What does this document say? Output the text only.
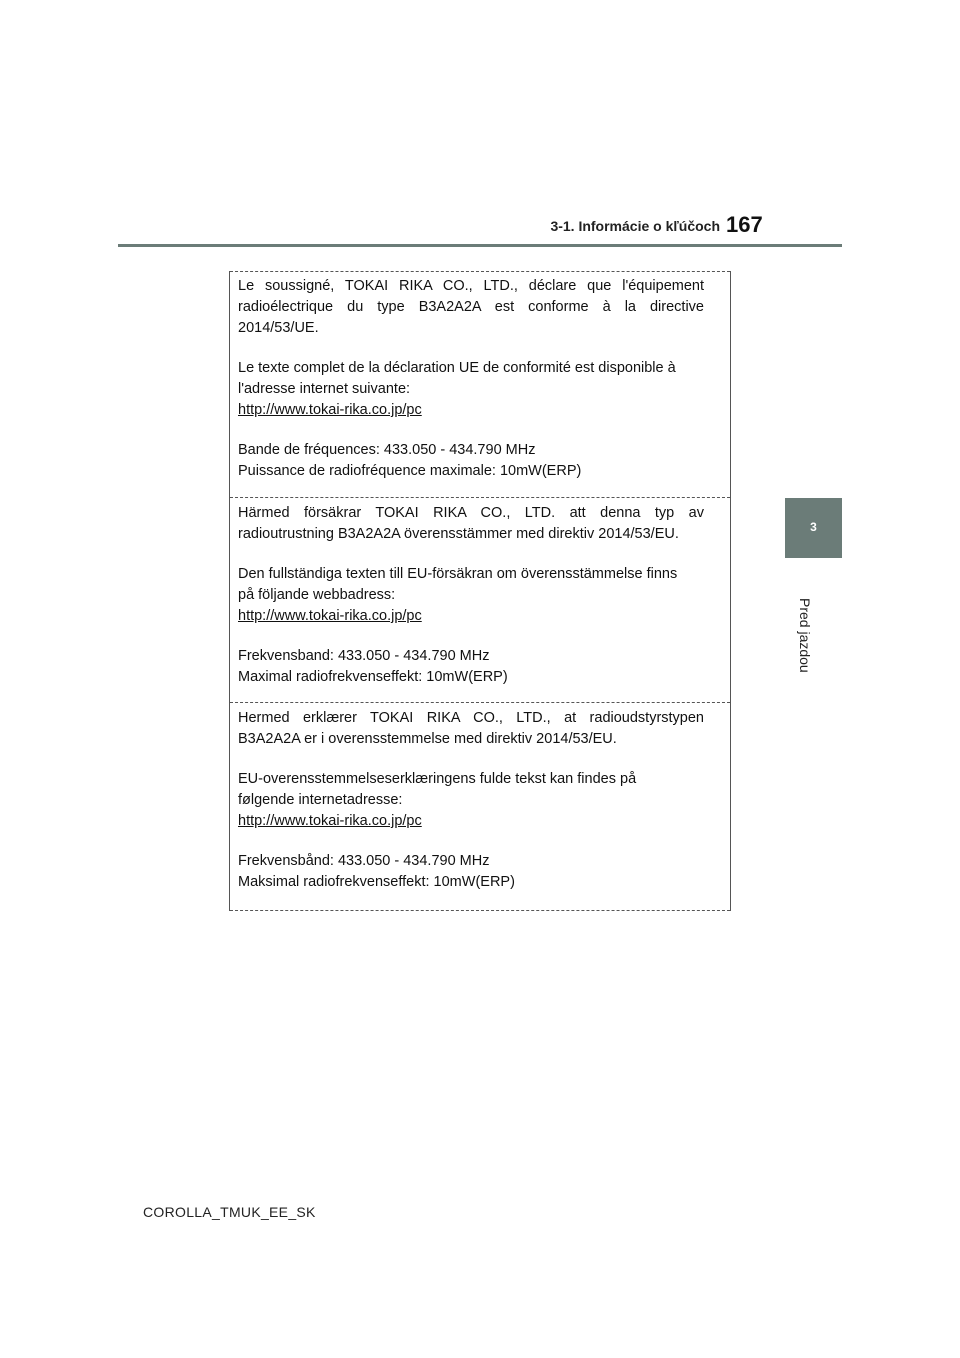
3-1. Informácie o kľúčoch 167
3
Pred jazdou
Le soussigné, TOKAI RIKA CO., LTD., déclare que l'équipement
radioélectrique du type B3A2A2A est conforme à la directive
2014/53/UE.
Le texte complet de la déclaration UE de conformité est disponible à
l'adresse internet suivante:
http://www.tokai-rika.co.jp/pc
Bande de fréquences: 433.050 - 434.790 MHz
Puissance de radiofréquence maximale: 10mW(ERP)
Härmed försäkrar TOKAI RIKA CO., LTD. att denna typ av
radioutrustning B3A2A2A överensstämmer med direktiv 2014/53/EU.
Den fullständiga texten till EU-försäkran om överensstämmelse finns
på följande webbadress:
http://www.tokai-rika.co.jp/pc
Frekvensband: 433.050 - 434.790 MHz
Maximal radiofrekvenseffekt: 10mW(ERP)
Hermed erklærer TOKAI RIKA CO., LTD., at radioudstyrstypen
B3A2A2A er i overensstemmelse med direktiv 2014/53/EU.
EU-overensstemmelseserklæringens fulde tekst kan findes på
følgende internetadresse:
http://www.tokai-rika.co.jp/pc
Frekvensbånd: 433.050 - 434.790 MHz
Maksimal radiofrekvenseffekt: 10mW(ERP)
COROLLA_TMUK_EE_SK
